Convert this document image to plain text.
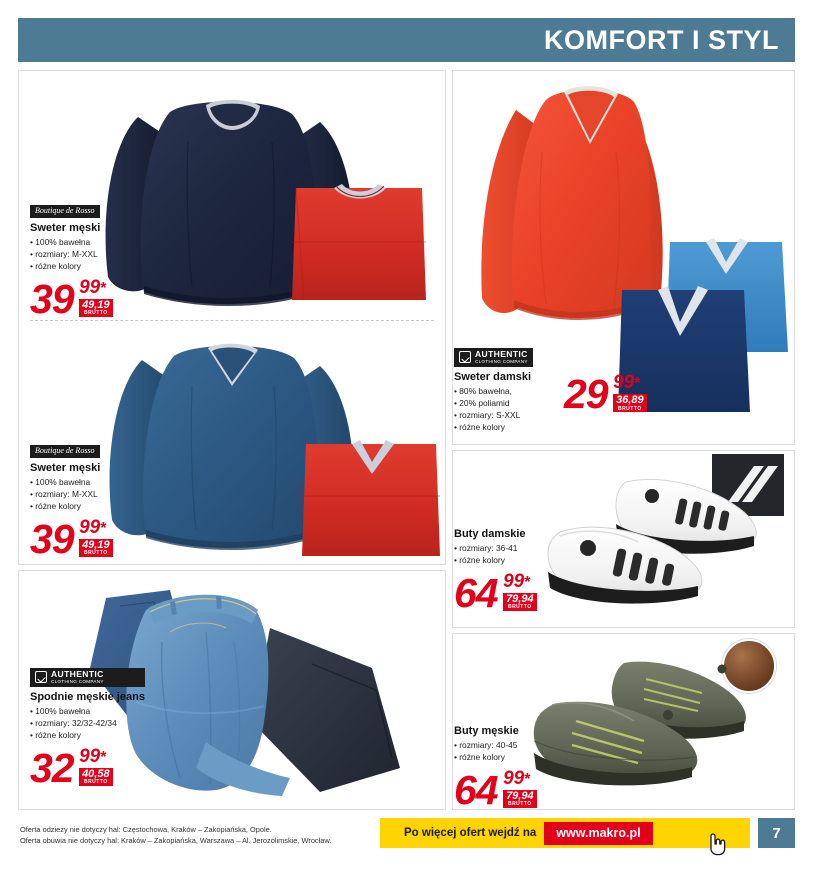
KOMFORT I STYL
Boutique de Rosso
Sweter męski
• 100% bawełna
• rozmiary: M-XXL
• różne kolory
39 99*
49,19
BRUTTO
Boutique de Rosso
Sweter męski
• 100% bawełna
• rozmiary: M-XXL
• różne kolory
39 99*
49,19
BRUTTO
AUTHENTIC
CLOTHING COMPANY
Spodnie męskie jeans
• 100% bawełna
• rozmiary: 32/32-42/34
• różne kolory
32 99*
40,58
BRUTTO
AUTHENTIC
CLOTHING COMPANY
Sweter damski
• 80% bawełna,
• 20% poliamid
• rozmiary: S-XXL
• różne kolory
29 99*
36,89
BRUTTO
Buty damskie
• rozmiary: 36-41
• różne kolory
64 99*
79,94
BRUTTO
Buty męskie
• rozmiary: 40-45
• różne kolory
64 99*
79,94
BRUTTO
Oferta odzieży nie dotyczy hal: Częstochowa, Kraków – Zakopiańska, Opole.
Oferta obuwia nie dotyczy hal: Kraków – Zakopiańska, Warszawa – Al. Jerozolimskie, Wrocław.
Po więcej ofert wejdź na	www.makro.pl	7
